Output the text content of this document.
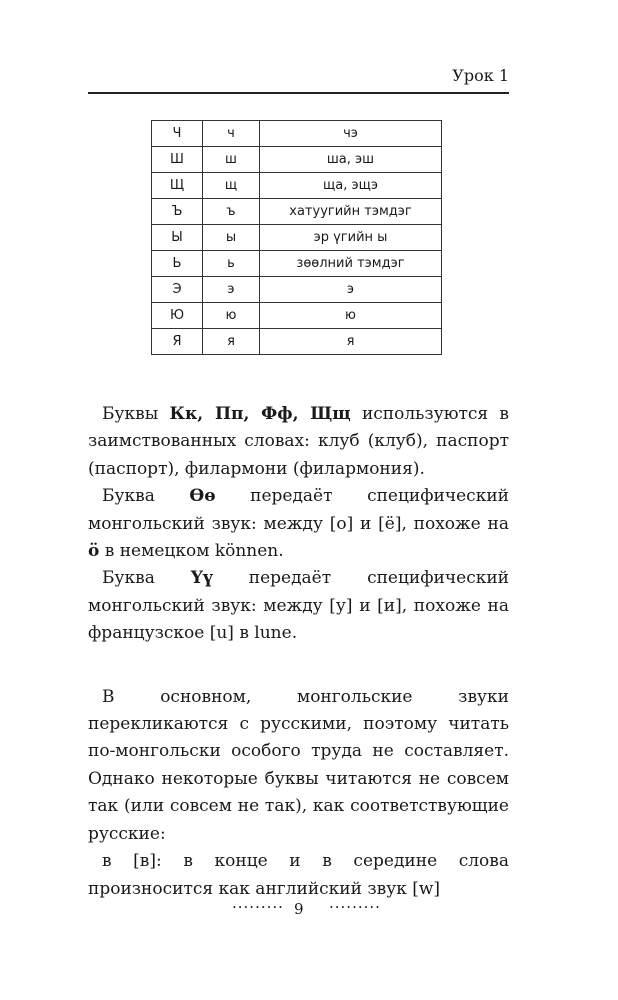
Урок 1
Ч	ч	чэ
Ш	ш	ша, эш
Щ	щ	ща, эщэ
Ъ	ъ	хатуугийн тэмдэг
Ы	ы	эр үгийн ы
Ь	ь	зөөлний тэмдэг
Э	э	э
Ю	ю	ю
Я	я	я

Буквы Кк, Пп, Фф, Щщ используются в заимствованных словах: клуб (клуб), паспорт (паспорт), филармони (филармония).

Буква Өө передаёт специфический монгольский звук: между [о] и [ё], похоже на ö в немецком können.

Буква Үү передаёт специфический монгольский звук: между [у] и [и], похоже на французское [u] в lune.

В основном, монгольские звуки перекликаются с русскими, поэтому читать по-монгольски особого труда не составляет. Однако некоторые буквы читаются не совсем так (или совсем не так), как соответствующие русские:

в [в]: в конце и в середине слова произносится как английский звук [w]

········· 9 ·········
